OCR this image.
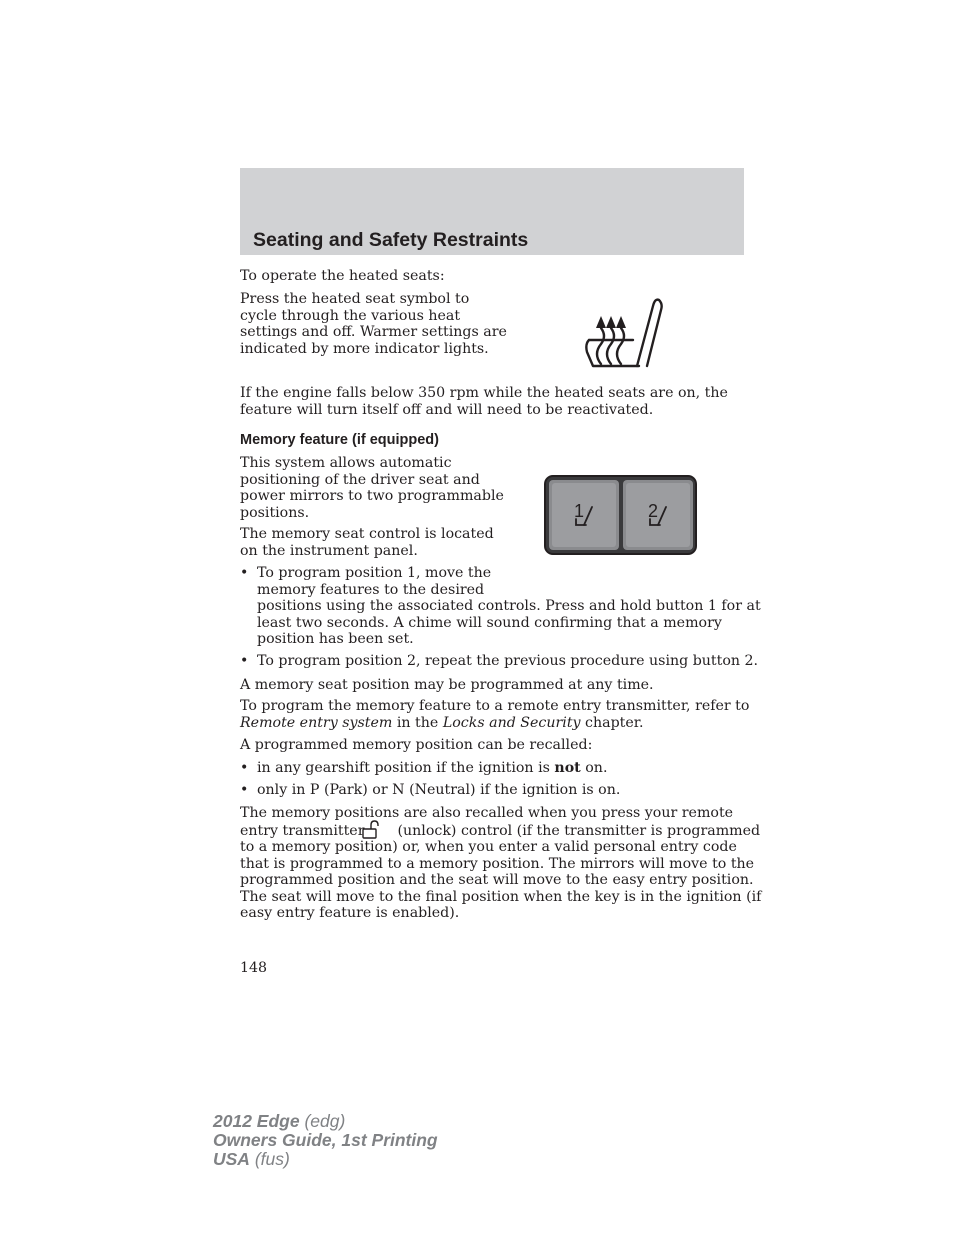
Seating and Safety Restraints

To operate the heated seats:

Press the heated seat symbol to
cycle through the various heat
settings and off. Warmer settings are
indicated by more indicator lights.
If the engine falls below 350 rpm while the heated seats are on, the
feature will turn itself off and will need to be reactivated.
Memory feature (if equipped)
This system allows automatic
positioning of the driver seat and
power mirrors to two programmable
positions.
The memory seat control is located
on the instrument panel.
1	2
• To program position 1, move the
memory features to the desired
positions using the associated controls. Press and hold button 1 for at
least two seconds. A chime will sound confirming that a memory
position has been set.
• To program position 2, repeat the previous procedure using button 2.

A memory seat position may be programmed at any time.

To program the memory feature to a remote entry transmitter, refer to
Remote entry system in the Locks and Security chapter.

A programmed memory position can be recalled:

• in any gearshift position if the ignition is not on.
• only in P (Park) or N (Neutral) if the ignition is on.
The memory positions are also recalled when you press your remote
entry transmitter (unlock) control (if the transmitter is programmed
to a memory position) or, when you enter a valid personal entry code
that is programmed to a memory position. The mirrors will move to the
programmed position and the seat will move to the easy entry position.
The seat will move to the final position when the key is in the ignition (if
easy entry feature is enabled).
148
2012 Edge (edg)
Owners Guide, 1st Printing
USA (fus)
